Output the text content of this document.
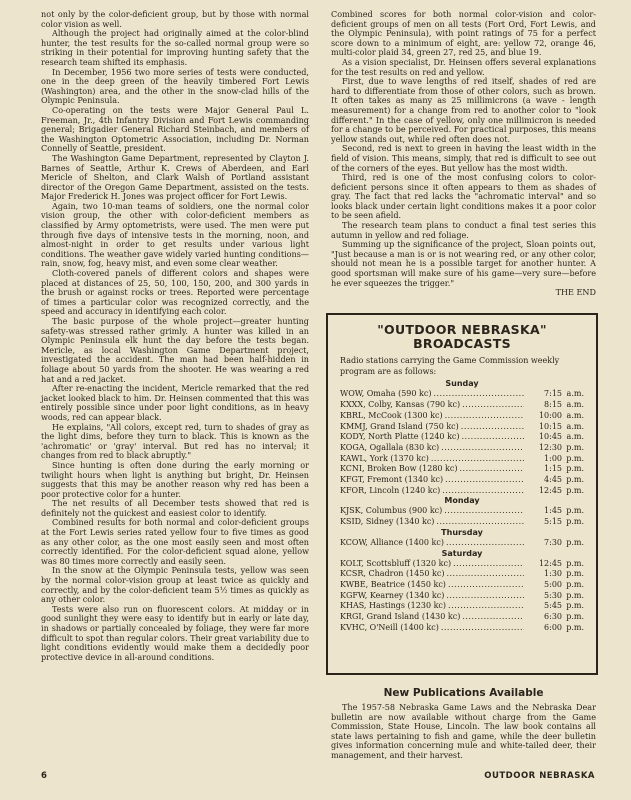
not only by the color-deficient group, but by those with normal color vision as well.

Although the project had originally aimed at the color-blind hunter, the test results for the so-called normal group were so striking in their potential for improving hunting safety that the research team shifted its emphasis.

In December, 1956 two more series of tests were conducted, one in the deep green of the heavily timbered Fort Lewis (Washington) area, and the other in the snow-clad hills of the Olympic Peninsula.

Co-operating on the tests were Major General Paul L. Freeman, Jr., 4th Infantry Division and Fort Lewis commanding general; Brigadier General Richard Steinbach, and members of the Washington Optometric Association, including Dr. Norman Connelly of Seattle, president.

The Washington Game Department, represented by Clayton J. Barnes of Seattle, Arthur K. Crews of Aberdeen, and Earl Mericle of Shelton, and Clark Walsh of Portland assistant director of the Oregon Game Department, assisted on the tests. Major Frederick H. Jones was project officer for Fort Lewis.

Again, two 10-man teams of soldiers, one the normal color vision group, the other with color-deficient members as classified by Army optometrists, were used. The men were put through five days of intensive tests in the morning, noon, and almost-night in order to get results under various light conditions. The weather gave widely varied hunting conditions—rain, snow, fog, heavy mist, and even some clear weather.

Cloth-covered panels of different colors and shapes were placed at distances of 25, 50, 100, 150, 200, and 300 yards in the brush or against rocks or trees. Reported were percentage of times a particular color was recognized correctly, and the speed and accuracy in identifying each color.

The basic purpose of the whole project—greater hunting safety-was stressed rather grimly. A hunter was killed in an Olympic Peninsula elk hunt the day before the tests began. Mericle, as local Washington Game Department project, investigated the accident. The man had been half-hidden in foliage about 50 yards from the shooter. He was wearing a red hat and a red jacket.

After re-enacting the incident, Mericle remarked that the red jacket looked black to him. Dr. Heinsen commented that this was entirely possible since under poor light conditions, as in heavy woods, red can appear black.

He explains, "All colors, except red, turn to shades of gray as the light dims, before they turn to black. This is known as the 'achromatic' or 'gray' interval. But red has no interval; it changes from red to black abruptly."

Since hunting is often done during the early morning or twilight hours when light is anything but bright, Dr. Heinsen suggests that this may be another reason why red has been a poor protective color for a hunter.

The net results of all December tests showed that red is definitely not the quickest and easiest color to identify.

Combined results for both normal and color-deficient groups at the Fort Lewis series rated yellow four to five times as good as any other color, as the one most easily seen and most often correctly identified. For the color-deficient squad alone, yellow was 80 times more correctly and easily seen.

In the snow at the Olympic Peninsula tests, yellow was seen by the normal color-vision group at least twice as quickly and correctly, and by the color-deficient team 5½ times as quickly as any other color.

Tests were also run on fluorescent colors. At midday or in good sunlight they were easy to identify but in early or late day, in shadows or partially concealed by foliage, they were far more difficult to spot than regular colors. Their great variability due to light conditions evidently would make them a decidedly poor protective device in all-around conditions.

Combined scores for both normal color-vision and color-deficient groups of men on all tests (Fort Ord, Fort Lewis, and the Olympic Peninsula), with point ratings of 75 for a perfect score down to a minimum of eight, are: yellow 72, orange 46, multi-color plaid 34, green 27, red 25, and blue 19.

As a vision specialist, Dr. Heinsen offers several explanations for the test results on red and yellow.

First, due to wave lengths of red itself, shades of red are hard to differentiate from those of other colors, such as brown. It often takes as many as 25 millimicrons (a wave - length measurement) for a change from red to another color to "look different." In the case of yellow, only one millimicron is needed for a change to be perceived. For practical purposes, this means yellow stands out, while red often does not.

Second, red is next to green in having the least width in the field of vision. This means, simply, that red is difficult to see out of the corners of the eyes. But yellow has the most width.

Third, red is one of the most confusing colors to color-deficient persons since it often appears to them as shades of gray. The fact that red lacks the "achromatic interval" and so looks black under certain light conditions makes it a poor color to be seen afield.

The research team plans to conduct a final test series this autumn in yellow and red foliage.

Summing up the significance of the project, Sloan points out, "Just because a man is or is not wearing red, or any other color, should not mean he is a possible target for another hunter. A good sportsman will make sure of his game—very sure—before he ever squeezes the trigger."

THE END

"OUTDOOR NEBRASKA"
BROADCASTS
Radio stations carrying the Game Commission weekly program are as follows:
Sunday
WOW, Omaha (590 kc) .....	7:15 a.m.
KXXX, Colby, Kansas (790 kc) .....	8:15 a.m.
KBRL, McCook (1300 kc) .....	10:00 a.m.
KMMJ, Grand Island (750 kc) .....	10:15 a.m.
KODY, North Platte (1240 kc) .....	10:45 a.m.
KOGA, Ogallala (830 kc) .....	12:30 p.m.
KAWL, York (1370 kc) .....	1:00 p.m.
KCNI, Broken Bow (1280 kc) .....	1:15 p.m.
KFGT, Fremont (1340 kc) .....	4:45 p.m.
KFOR, Lincoln (1240 kc) .....	12:45 p.m.
Monday
KJSK, Columbus (900 kc) .....	1:45 p.m.
KSID, Sidney (1340 kc) .....	5:15 p.m.
Thursday
KCOW, Alliance (1400 kc) .....	7:30 p.m.
Saturday
KOLT, Scottsbluff (1320 kc) .....	12:45 p.m.
KCSR, Chadron (1450 kc) .....	1:30 p.m.
KWBE, Beatrice (1450 kc) .....	5:00 p.m.
KGFW, Kearney (1340 kc) .....	5:30 p.m.
KHAS, Hastings (1230 kc) .....	5:45 p.m.
KRGI, Grand Island (1430 kc) .....	6:30 p.m.
KVHC, O'Neill (1400 kc) .....	6:00 p.m.
New Publications Available

The 1957-58 Nebraska Game Laws and the Nebraska Dear bulletin are now available without charge from the Game Commission, State House, Lincoln. The law book contains all state laws pertaining to fish and game, while the deer bulletin gives information concerning mule and white-tailed deer, their management, and their harvest.

6	OUTDOOR NEBRASKA
